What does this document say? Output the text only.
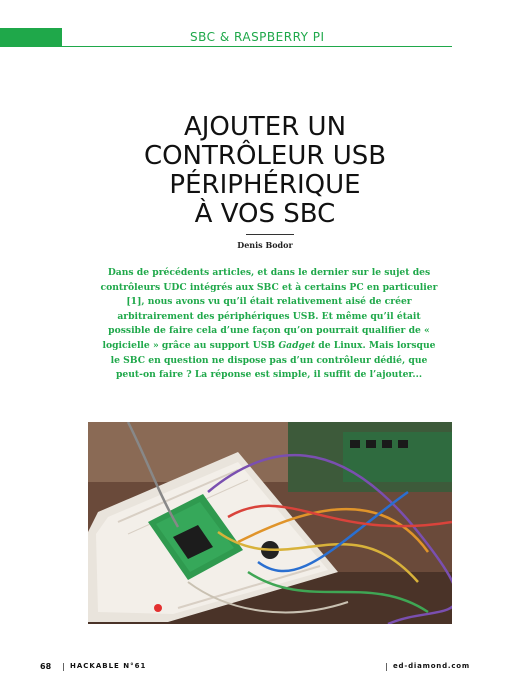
SBC & RASPBERRY PI
AJOUTER UN
CONTRÔLEUR USB
PÉRIPHÉRIQUE
À VOS SBC
Denis Bodor
Dans de précédents articles, et dans le dernier sur le sujet des contrôleurs UDC intégrés aux SBC et à certains PC en particulier [1], nous avons vu qu’il était relativement aisé de créer arbitrairement des périphériques USB. Et même qu’il était possible de faire cela d’une façon qu’on pourrait qualifier de « logicielle » grâce au support USB Gadget de Linux. Mais lorsque le SBC en question ne dispose pas d’un contrôleur dédié, que peut-on faire ? La réponse est simple, il suffit de l’ajouter...
68 | HACKABLE N°61	| ed-diamond.com
